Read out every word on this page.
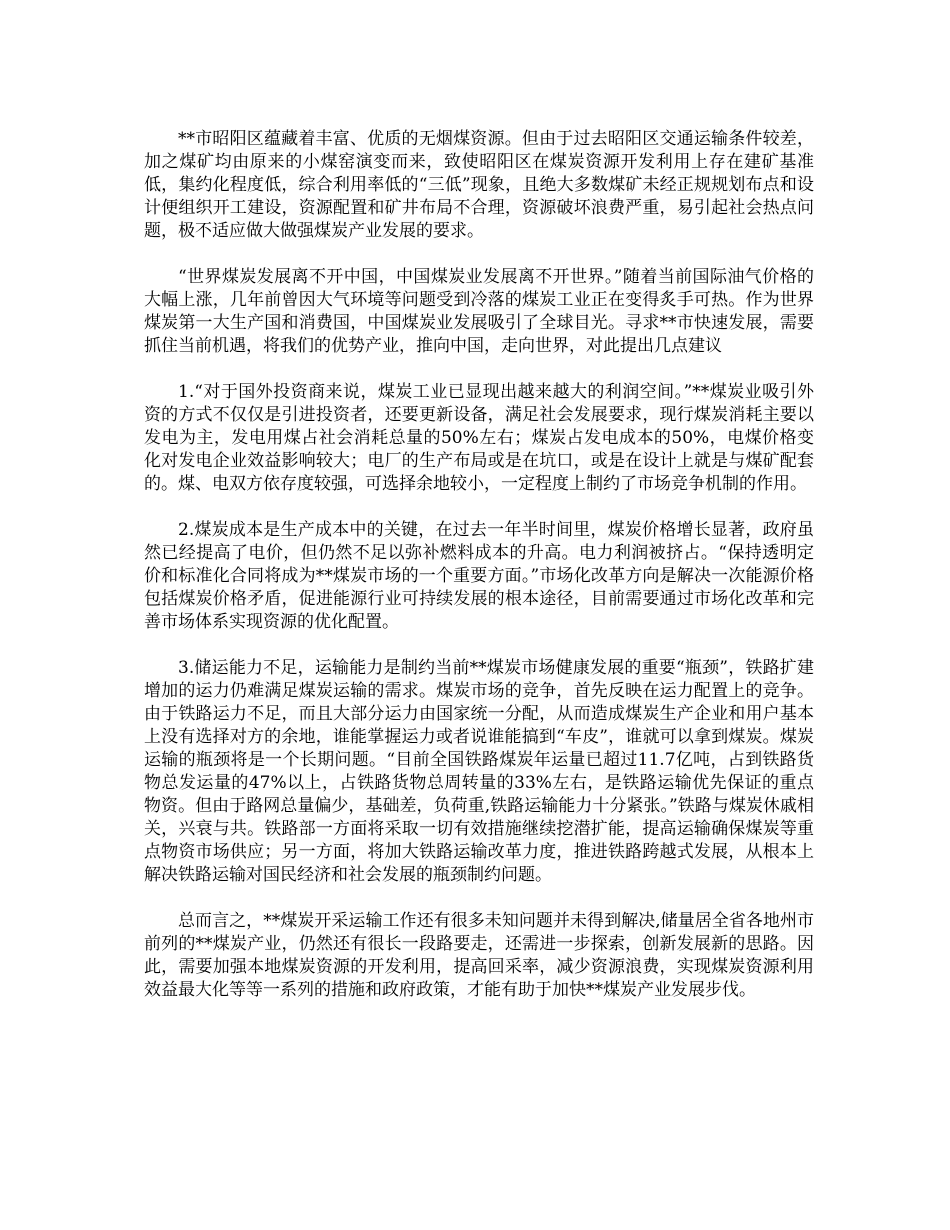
**市昭阳区蕴藏着丰富、优质的无烟煤资源。但由于过去昭阳区交通运输条件较差，加之煤矿均由原来的小煤窑演变而来，致使昭阳区在煤炭资源开发利用上存在建矿基准低，集约化程度低，综合利用率低的“三低”现象，且绝大多数煤矿未经正规规划布点和设计便组织开工建设，资源配置和矿井布局不合理，资源破坏浪费严重，易引起社会热点问题，极不适应做大做强煤炭产业发展的要求。

“世界煤炭发展离不开中国，中国煤炭业发展离不开世界。”随着当前国际油气价格的大幅上涨，几年前曾因大气环境等问题受到冷落的煤炭工业正在变得炙手可热。作为世界煤炭第一大生产国和消费国，中国煤炭业发展吸引了全球目光。寻求**市快速发展，需要抓住当前机遇，将我们的优势产业，推向中国，走向世界，对此提出几点建议

1.“对于国外投资商来说，煤炭工业已显现出越来越大的利润空间。”**煤炭业吸引外资的方式不仅仅是引进投资者，还要更新设备，满足社会发展要求，现行煤炭消耗主要以发电为主，发电用煤占社会消耗总量的50%左右；煤炭占发电成本的50%，电煤价格变化对发电企业效益影响较大；电厂的生产布局或是在坑口，或是在设计上就是与煤矿配套的。煤、电双方依存度较强，可选择余地较小，一定程度上制约了市场竞争机制的作用。

2.煤炭成本是生产成本中的关键，在过去一年半时间里，煤炭价格增长显著，政府虽然已经提高了电价，但仍然不足以弥补燃料成本的升高。电力利润被挤占。“保持透明定价和标准化合同将成为**煤炭市场的一个重要方面。”市场化改革方向是解决一次能源价格包括煤炭价格矛盾，促进能源行业可持续发展的根本途径，目前需要通过市场化改革和完善市场体系实现资源的优化配置。

3.储运能力不足，运输能力是制约当前**煤炭市场健康发展的重要“瓶颈”，铁路扩建增加的运力仍难满足煤炭运输的需求。煤炭市场的竞争，首先反映在运力配置上的竞争。由于铁路运力不足，而且大部分运力由国家统一分配，从而造成煤炭生产企业和用户基本上没有选择对方的余地，谁能掌握运力或者说谁能搞到“车皮”，谁就可以拿到煤炭。煤炭运输的瓶颈将是一个长期问题。“目前全国铁路煤炭年运量已超过11.7亿吨，占到铁路货物总发运量的47%以上，占铁路货物总周转量的33%左右，是铁路运输优先保证的重点物资。但由于路网总量偏少，基础差，负荷重,铁路运输能力十分紧张。”铁路与煤炭休戚相关，兴衰与共。铁路部一方面将采取一切有效措施继续挖潜扩能，提高运输确保煤炭等重点物资市场供应；另一方面，将加大铁路运输改革力度，推进铁路跨越式发展，从根本上解决铁路运输对国民经济和社会发展的瓶颈制约问题。

总而言之，**煤炭开采运输工作还有很多未知问题并未得到解决,储量居全省各地州市前列的**煤炭产业，仍然还有很长一段路要走，还需进一步探索，创新发展新的思路。因此，需要加强本地煤炭资源的开发利用，提高回采率，减少资源浪费，实现煤炭资源利用效益最大化等等一系列的措施和政府政策，才能有助于加快**煤炭产业发展步伐。
